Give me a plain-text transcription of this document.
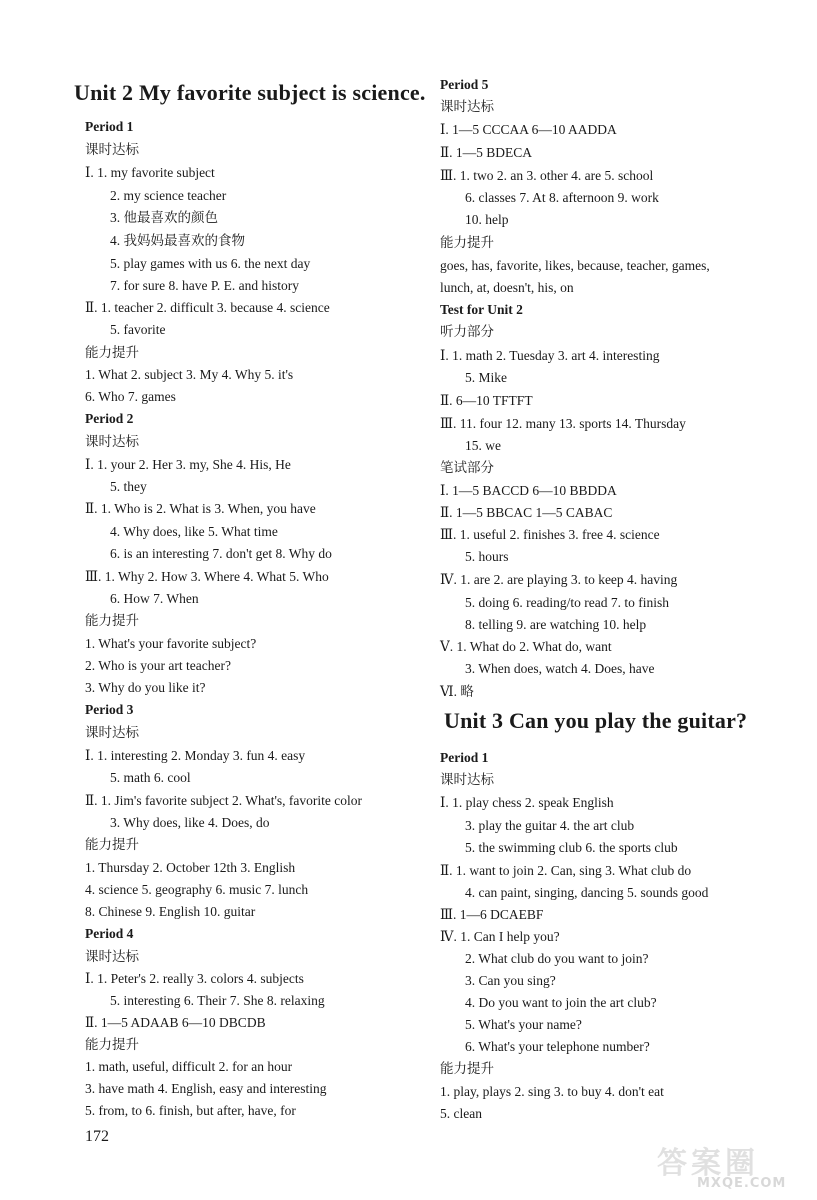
Unit 2 My favorite subject is science.
Period 1
课时达标
Ⅰ. 1. my favorite subject
2. my science teacher
3. 他最喜欢的颜色
4. 我妈妈最喜欢的食物
5. play games with us 6. the next day
7. for sure 8. have P. E. and history
Ⅱ. 1. teacher 2. difficult 3. because 4. science
5. favorite
能力提升
1. What 2. subject 3. My 4. Why 5. it's
6. Who 7. games
Period 2
课时达标
Ⅰ. 1. your 2. Her 3. my, She 4. His, He
5. they
Ⅱ. 1. Who is 2. What is 3. When, you have
4. Why does, like 5. What time
6. is an interesting 7. don't get 8. Why do
Ⅲ. 1. Why 2. How 3. Where 4. What 5. Who
6. How 7. When
能力提升
1. What's your favorite subject?
2. Who is your art teacher?
3. Why do you like it?
Period 3
课时达标
Ⅰ. 1. interesting 2. Monday 3. fun 4. easy
5. math 6. cool
Ⅱ. 1. Jim's favorite subject 2. What's, favorite color
3. Why does, like 4. Does, do
能力提升
1. Thursday 2. October 12th 3. English
4. science 5. geography 6. music 7. lunch
8. Chinese 9. English 10. guitar
Period 4
课时达标
Ⅰ. 1. Peter's 2. really 3. colors 4. subjects
5. interesting 6. Their 7. She 8. relaxing
Ⅱ. 1—5 ADAAB 6—10 DBCDB
能力提升
1. math, useful, difficult 2. for an hour
3. have math 4. English, easy and interesting
5. from, to 6. finish, but after, have, for
Period 5
课时达标
Ⅰ. 1—5 CCCAA 6—10 AADDA
Ⅱ. 1—5 BDECA
Ⅲ. 1. two 2. an 3. other 4. are 5. school
6. classes 7. At 8. afternoon 9. work
10. help
能力提升
goes, has, favorite, likes, because, teacher, games,
lunch, at, doesn't, his, on
Test for Unit 2
听力部分
Ⅰ. 1. math 2. Tuesday 3. art 4. interesting
5. Mike
Ⅱ. 6—10 TFTFT
Ⅲ. 11. four 12. many 13. sports 14. Thursday
15. we
笔试部分
Ⅰ. 1—5 BACCD 6—10 BBDDA
Ⅱ. 1—5 BBCAC 1—5 CABAC
Ⅲ. 1. useful 2. finishes 3. free 4. science
5. hours
Ⅳ. 1. are 2. are playing 3. to keep 4. having
5. doing 6. reading/to read 7. to finish
8. telling 9. are watching 10. help
Ⅴ. 1. What do 2. What do, want
3. When does, watch 4. Does, have
Ⅵ. 略
Unit 3 Can you play the guitar?
Period 1
课时达标
Ⅰ. 1. play chess 2. speak English
3. play the guitar 4. the art club
5. the swimming club 6. the sports club
Ⅱ. 1. want to join 2. Can, sing 3. What club do
4. can paint, singing, dancing 5. sounds good
Ⅲ. 1—6 DCAEBF
Ⅳ. 1. Can I help you?
2. What club do you want to join?
3. Can you sing?
4. Do you want to join the art club?
5. What's your name?
6. What's your telephone number?
能力提升
1. play, plays 2. sing 3. to buy 4. don't eat
5. clean
172
答案圈
MXQE.COM
